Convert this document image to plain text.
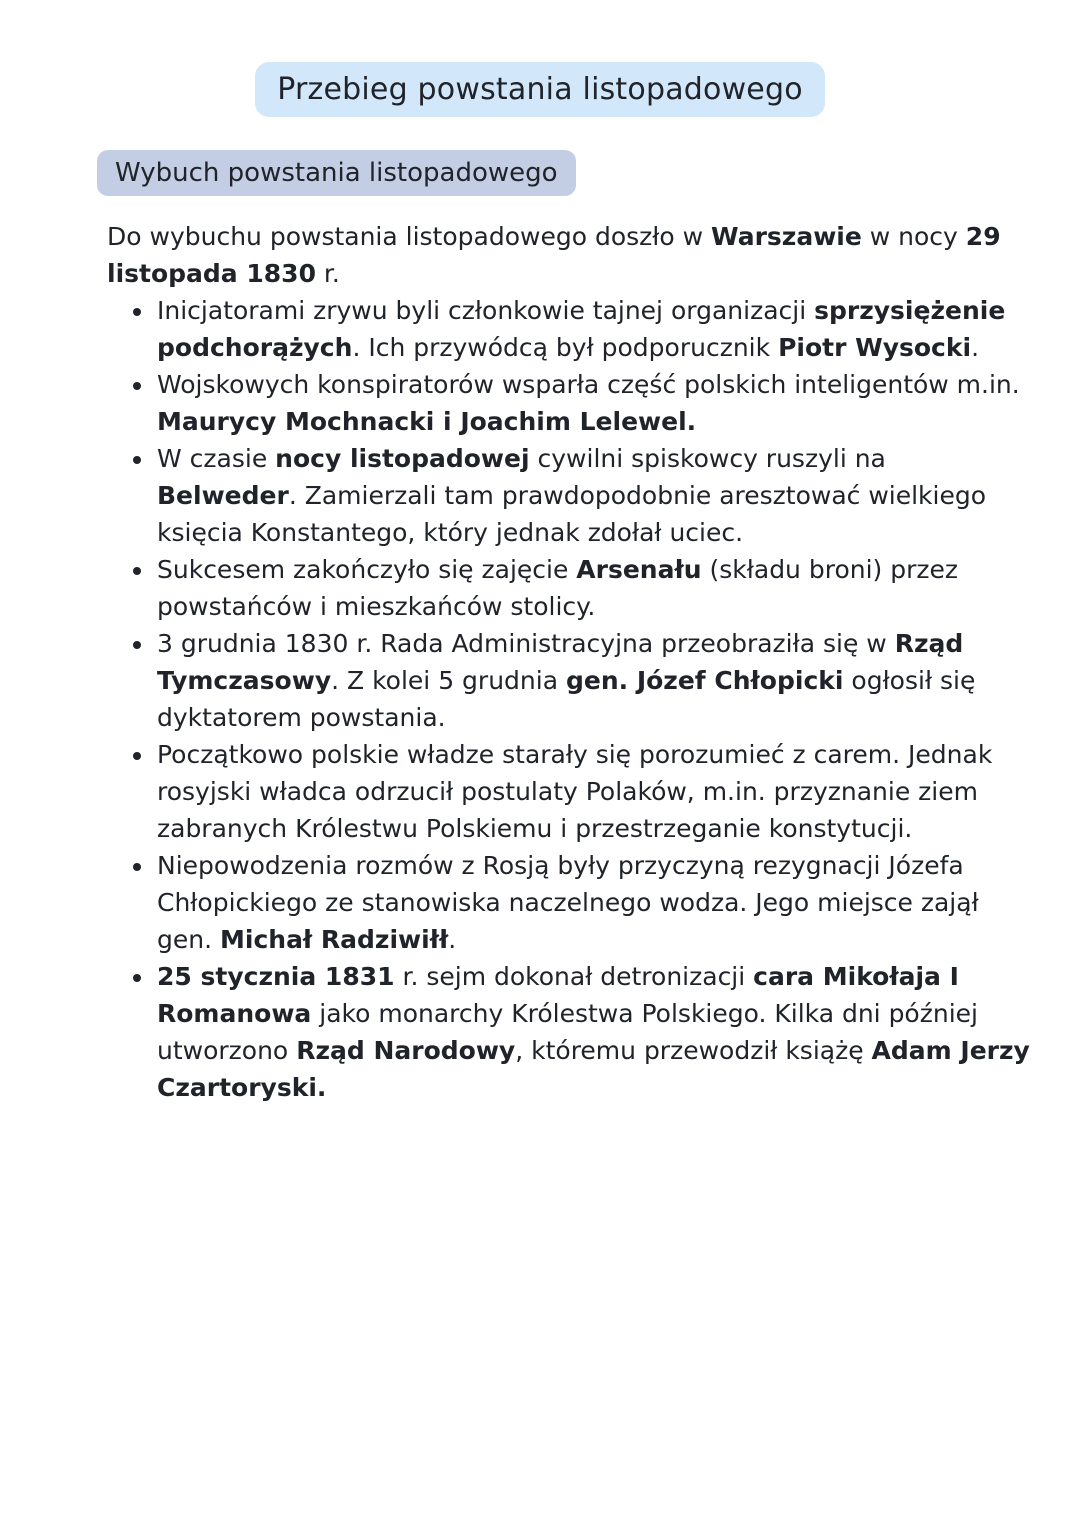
Przebieg powstania listopadowego
Wybuch powstania listopadowego

Do wybuchu powstania listopadowego doszło w Warszawie w nocy 29 listopada 1830 r.

• Inicjatorami zrywu byli członkowie tajnej organizacji sprzysiężenie podchorążych. Ich przywódcą był podporucznik Piotr Wysocki.
• Wojskowych konspiratorów wsparła część polskich inteligentów m.in. Maurycy Mochnacki i Joachim Lelewel.
• W czasie nocy listopadowej cywilni spiskowcy ruszyli na Belweder. Zamierzali tam prawdopodobnie aresztować wielkiego księcia Konstantego, który jednak zdołał uciec.
• Sukcesem zakończyło się zajęcie Arsenału (składu broni) przez powstańców i mieszkańców stolicy.
• 3 grudnia 1830 r. Rada Administracyjna przeobraziła się w Rząd Tymczasowy. Z kolei 5 grudnia gen. Józef Chłopicki ogłosił się dyktatorem powstania.
• Początkowo polskie władze starały się porozumieć z carem. Jednak rosyjski władca odrzucił postulaty Polaków, m.in. przyznanie ziem zabranych Królestwu Polskiemu i przestrzeganie konstytucji.
• Niepowodzenia rozmów z Rosją były przyczyną rezygnacji Józefa Chłopickiego ze stanowiska naczelnego wodza. Jego miejsce zajął gen. Michał Radziwiłł.
• 25 stycznia 1831 r. sejm dokonał detronizacji cara Mikołaja I Romanowa jako monarchy Królestwa Polskiego. Kilka dni później utworzono Rząd Narodowy, któremu przewodził książę Adam Jerzy Czartoryski.
